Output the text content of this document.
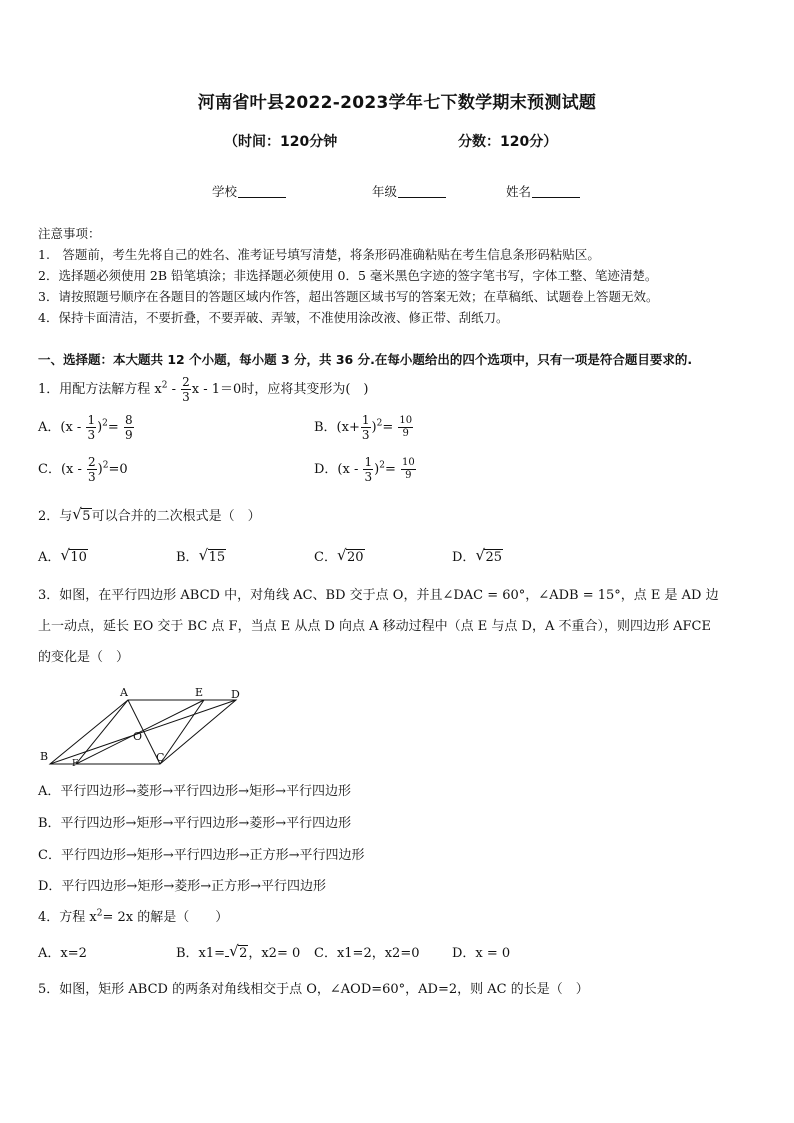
河南省叶县2022-2023学年七下数学期末预测试题
（时间：120分钟	分数：120分）
学校	年级	姓名
注意事项：
1.　答题前，考生先将自己的姓名、准考证号填写清楚，将条形码准确粘贴在考生信息条形码粘贴区。
2．选择题必须使用 2B 铅笔填涂；非选择题必须使用 0．5 毫米黑色字迹的签字笔书写，字体工整、笔迹清楚。
3．请按照题号顺序在各题目的答题区域内作答，超出答题区域书写的答案无效；在草稿纸、试题卷上答题无效。
4．保持卡面清洁，不要折叠，不要弄破、弄皱，不准使用涂改液、修正带、刮纸刀。
一、选择题：本大题共 12 个小题，每小题 3 分，共 36 分.在每小题给出的四个选项中，只有一项是符合题目要求的.
1．用配方法解方程 $x^2 - \frac{2}{3}$ x - 1＝0时，应将其变形为(　)
A．$(x - \frac{1}{3} )^2= \frac{8}{9}$	B．$(x+ \frac{1}{3} )^2= \frac{10}{9}$
C．$(x - \frac{2}{3} )^2=0$	D．$(x - \frac{1}{3} )^2= \frac{10}{9}$
2．与 √ 5可以合并的二次根式是（　）
A． √ 10	B． √ 15	C． √ 20	D． √ 25
3．如图，在平行四边形 ABCD 中，对角线 AC、BD 交于点 O，并且∠DAC = 60°，∠ADB = 15°，点 E 是 AD 边
上一动点，延长 EO 交于 BC 点 F，当点 E 从点 D 向点 A 移动过程中（点 E 与点 D，A 不重合），则四边形 AFCE
的变化是（　）
A	E	D
O
B
F	C
A．平行四边形→菱形→平行四边形→矩形→平行四边形
B．平行四边形→矩形→平行四边形→菱形→平行四边形
C．平行四边形→矩形→平行四边形→正方形→平行四边形
D．平行四边形→矩形→菱形→正方形→平行四边形
4．方程 $x^2= 2x$ 的解是（　　）
A．x=2	B．x1= √ 2，x2= 0 C．x1=2，x2=0	D．x = 0
5．如图，矩形 ABCD 的两条对角线相交于点 O，∠AOD=60°，AD=2，则 AC 的长是（　）
